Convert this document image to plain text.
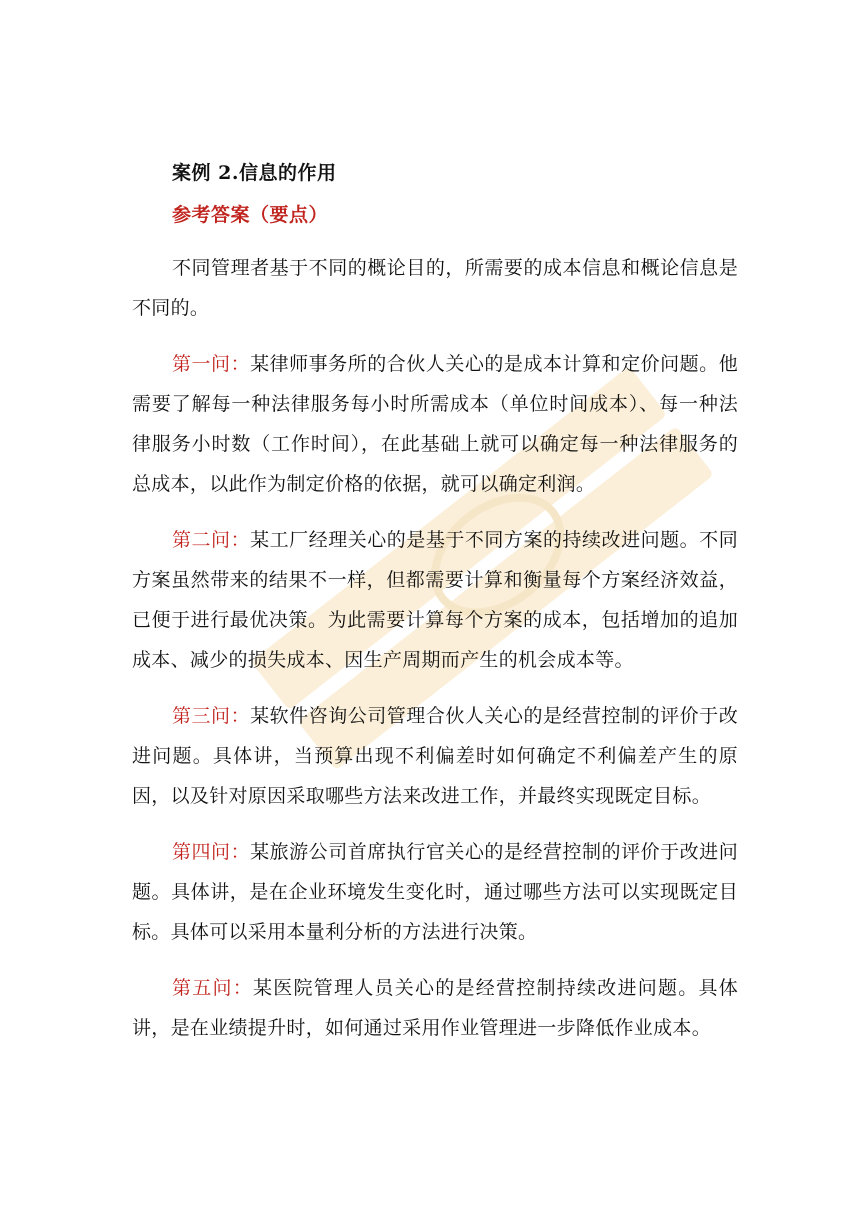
案例 2.信息的作用
参考答案（要点）

不同管理者基于不同的概论目的，所需要的成本信息和概论信息是不同的。

第一问：某律师事务所的合伙人关心的是成本计算和定价问题。他需要了解每一种法律服务每小时所需成本（单位时间成本）、每一种法律服务小时数（工作时间），在此基础上就可以确定每一种法律服务的总成本，以此作为制定价格的依据，就可以确定利润。

第二问：某工厂经理关心的是基于不同方案的持续改进问题。不同方案虽然带来的结果不一样，但都需要计算和衡量每个方案经济效益，已便于进行最优决策。为此需要计算每个方案的成本，包括增加的追加成本、减少的损失成本、因生产周期而产生的机会成本等。

第三问：某软件咨询公司管理合伙人关心的是经营控制的评价于改进问题。具体讲，当预算出现不利偏差时如何确定不利偏差产生的原因，以及针对原因采取哪些方法来改进工作，并最终实现既定目标。

第四问：某旅游公司首席执行官关心的是经营控制的评价于改进问题。具体讲，是在企业环境发生变化时，通过哪些方法可以实现既定目标。具体可以采用本量利分析的方法进行决策。

第五问：某医院管理人员关心的是经营控制持续改进问题。具体讲，是在业绩提升时，如何通过采用作业管理进一步降低作业成本。
